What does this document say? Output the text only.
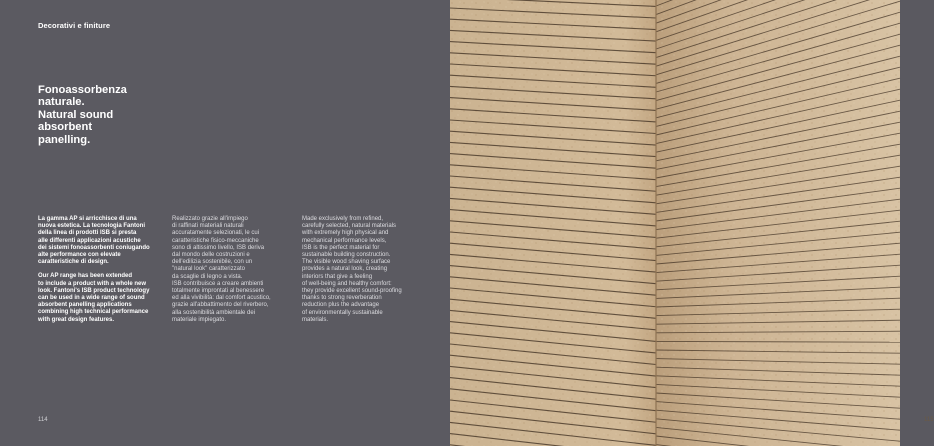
Decorativi e finiture
Fonoassorbenza
naturale.
Natural sound
absorbent
panelling.
La gamma AP si arricchisce di una
nuova estetica. La tecnologia Fantoni
della linea di prodotti ISB si presta
alle differenti applicazioni acustiche
dei sistemi fonoassorbenti coniugando
alte performance con elevate
caratteristiche di design.
Our AP range has been extended
to include a product with a whole new
look. Fantoni's ISB product technology
can be used in a wide range of sound
absorbent panelling applications
combining high technical performance
with great design features.
Realizzato grazie all'impiego
di raffinati materiali naturali
accuratamente selezionati, le cui
caratteristiche fisico-meccaniche
sono di altissimo livello, ISB deriva
dal mondo delle costruzioni e
dell'edilizia sostenibile, con un
"natural look" caratterizzato
da scaglie di legno a vista.
ISB contribuisce a creare ambienti
totalmente improntati al benessere
ed alla vivibilità: dal comfort acustico,
grazie all'abbattimento del riverbero,
alla sostenibilità ambientale dei
materiale impiegato.
Made exclusively from refined,
carefully selected, natural materials
with extremely high physical and
mechanical performance levels,
ISB is the perfect material for
sustainable building construction.
The visible wood shaving surface
provides a natural look, creating
interiors that give a feeling
of well-being and healthy comfort:
they provide excellent sound-proofing
thanks to strong reverberation
reduction plus the advantage
of environmentally sustainable
materials.
114	115
